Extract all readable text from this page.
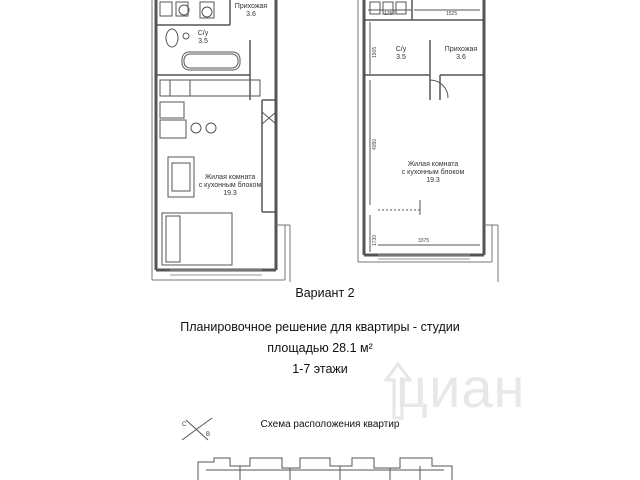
циан
Прихожая
3.6
С/у
3.5

Жилая комната
с кухонным блоком

19.3

С/у
3.5
Прихожая
3.6

Жилая комната
с кухонным блоком

19.3

1750	1525
1905
4050
3375
1730
Вариант 2
Планировочное решение для квартиры - студии
площадью 28.1 м²
1-7 этажи
Схема расположения квартир
С
В
